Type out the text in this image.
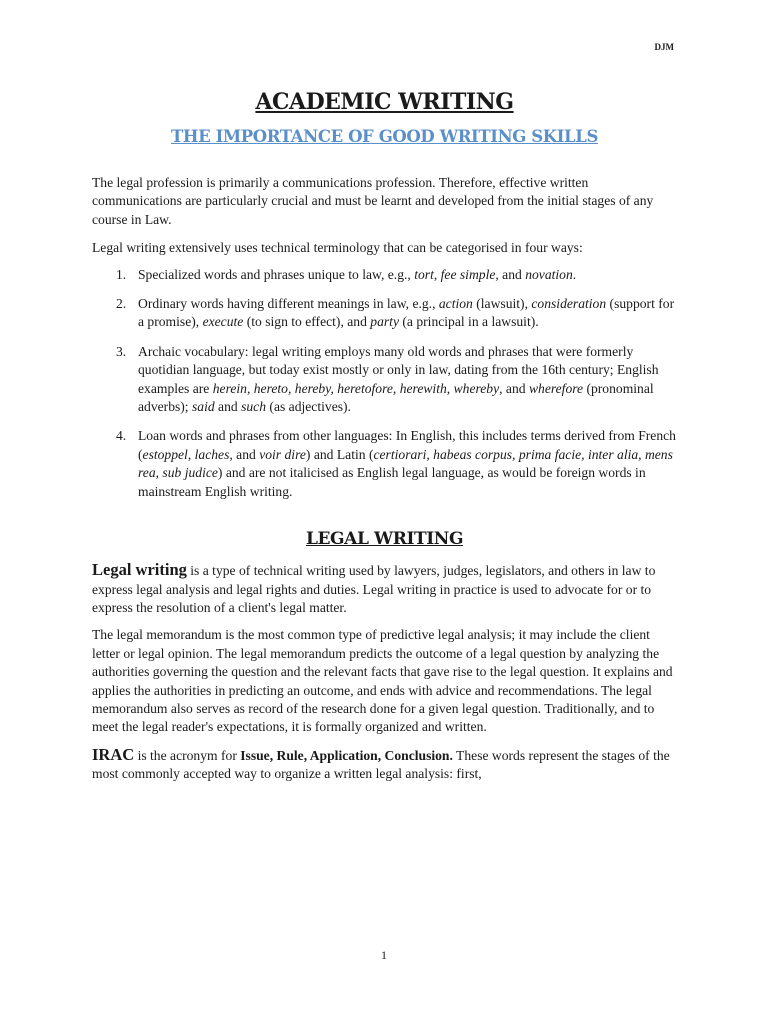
DJM
ACADEMIC WRITING
THE IMPORTANCE OF GOOD WRITING SKILLS

The legal profession is primarily a communications profession. Therefore, effective written communications are particularly crucial and must be learnt and developed from the initial stages of any course in Law.

Legal writing extensively uses technical terminology that can be categorised in four ways:

1. Specialized words and phrases unique to law, e.g., tort, fee simple, and novation.
2. Ordinary words having different meanings in law, e.g., action (lawsuit), consideration (support for a promise), execute (to sign to effect), and party (a principal in a lawsuit).
3. Archaic vocabulary: legal writing employs many old words and phrases that were formerly quotidian language, but today exist mostly or only in law, dating from the 16th century; English examples are herein, hereto, hereby, heretofore, herewith, whereby, and wherefore (pronominal adverbs); said and such (as adjectives).
4. Loan words and phrases from other languages: In English, this includes terms derived from French (estoppel, laches, and voir dire) and Latin (certiorari, habeas corpus, prima facie, inter alia, mens rea, sub judice) and are not italicised as English legal language, as would be foreign words in mainstream English writing.
LEGAL WRITING

Legal writing is a type of technical writing used by lawyers, judges, legislators, and others in law to express legal analysis and legal rights and duties. Legal writing in practice is used to advocate for or to express the resolution of a client's legal matter.

The legal memorandum is the most common type of predictive legal analysis; it may include the client letter or legal opinion. The legal memorandum predicts the outcome of a legal question by analyzing the authorities governing the question and the relevant facts that gave rise to the legal question. It explains and applies the authorities in predicting an outcome, and ends with advice and recommendations. The legal memorandum also serves as record of the research done for a given legal question. Traditionally, and to meet the legal reader's expectations, it is formally organized and written.

IRAC is the acronym for Issue, Rule, Application, Conclusion. These words represent the stages of the most commonly accepted way to organize a written legal analysis: first,

1
